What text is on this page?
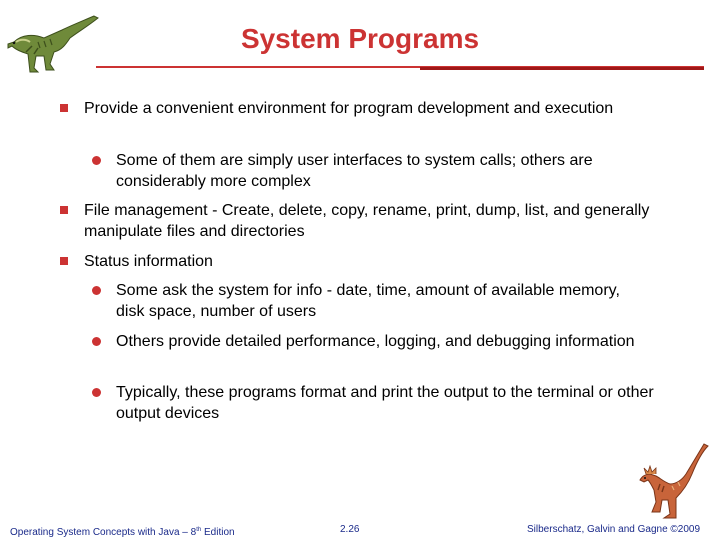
System Programs
Provide a convenient environment for program development and execution
Some of them are simply user interfaces to system calls; others are considerably more complex
File management - Create, delete, copy, rename, print, dump, list, and generally manipulate files and directories
Status information
Some ask the system for info - date, time, amount of available memory, disk space, number of users
Others provide detailed performance, logging, and debugging information
Typically, these programs format and print the output to the terminal or other output devices
Operating System Concepts with Java – 8th Edition	2.26	Silberschatz, Galvin and Gagne ©2009
